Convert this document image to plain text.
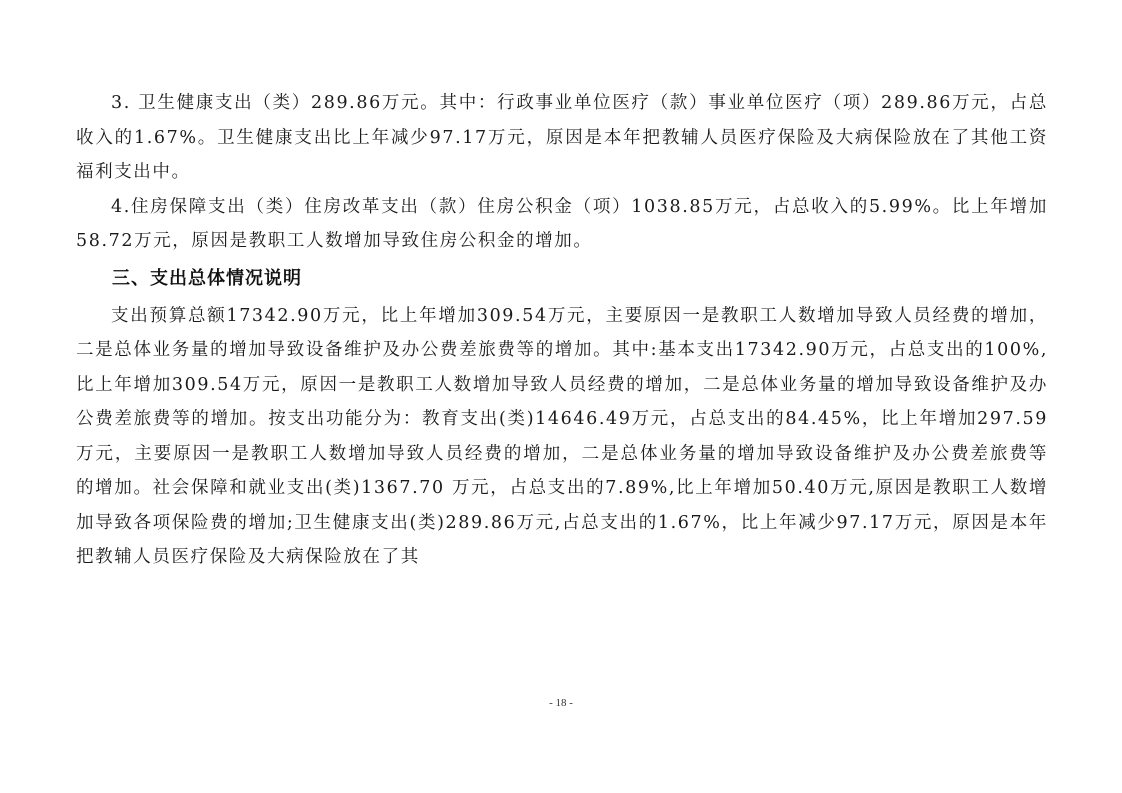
3. 卫生健康支出（类）289.86万元。其中：行政事业单位医疗（款）事业单位医疗（项）289.86万元，占总收入的1.67%。卫生健康支出比上年减少97.17万元，原因是本年把教辅人员医疗保险及大病保险放在了其他工资福利支出中。

4.住房保障支出（类）住房改革支出（款）住房公积金（项）1038.85万元，占总收入的5.99%。比上年增加58.72万元，原因是教职工人数增加导致住房公积金的增加。

三、支出总体情况说明

支出预算总额17342.90万元，比上年增加309.54万元，主要原因一是教职工人数增加导致人员经费的增加，二是总体业务量的增加导致设备维护及办公费差旅费等的增加。其中:基本支出17342.90万元，占总支出的100%,比上年增加309.54万元，原因一是教职工人数增加导致人员经费的增加，二是总体业务量的增加导致设备维护及办公费差旅费等的增加。按支出功能分为：教育支出(类)14646.49万元，占总支出的84.45%，比上年增加297.59万元，主要原因一是教职工人数增加导致人员经费的增加，二是总体业务量的增加导致设备维护及办公费差旅费等的增加。社会保障和就业支出(类)1367.70 万元，占总支出的7.89%,比上年增加50.40万元,原因是教职工人数增加导致各项保险费的增加;卫生健康支出(类)289.86万元,占总支出的1.67%，比上年减少97.17万元，原因是本年把教辅人员医疗保险及大病保险放在了其

- 18 -
